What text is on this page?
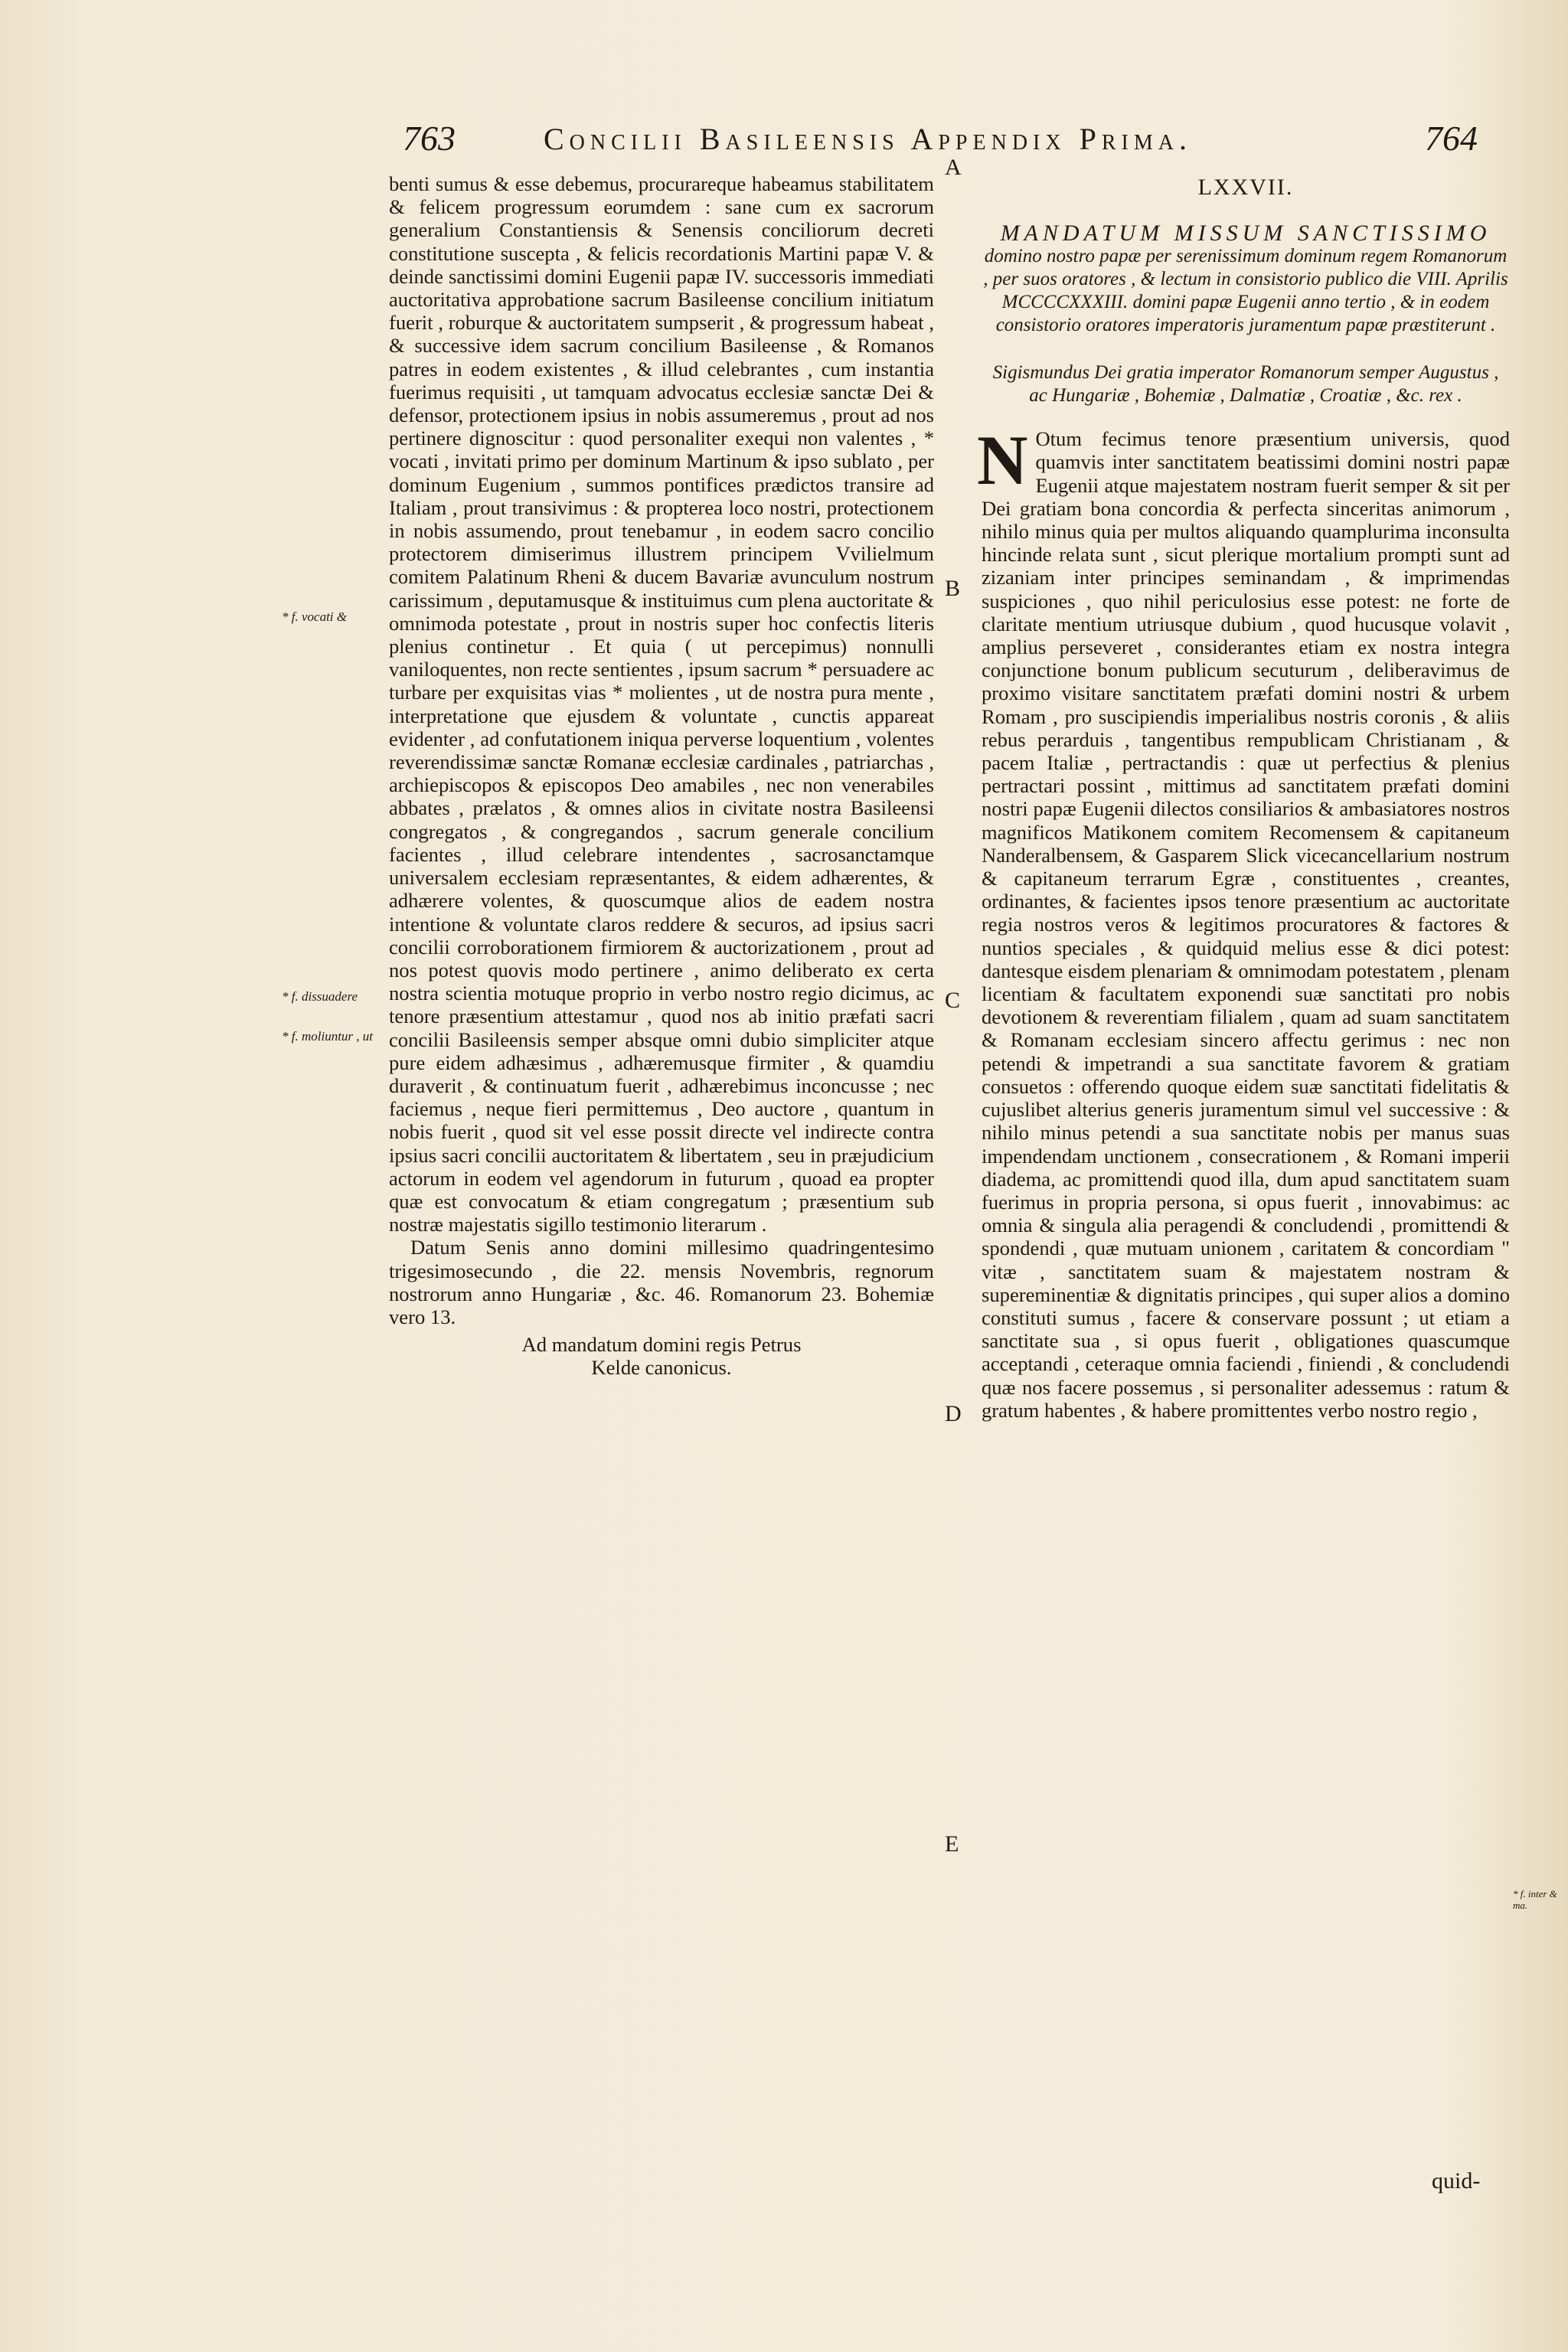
763	Concilii Basileensis Appendix Prima.	764

benti sumus & esse debemus, procurareque habeamus stabilitatem & felicem progressum eorumdem : sane cum ex sacrorum generalium Constantiensis & Senensis conciliorum decreti constitutione suscepta , & felicis recordationis Martini papæ V. & deinde sanctissimi domini Eugenii papæ IV. successoris immediati auctoritativa approbatione sacrum Basileense concilium initiatum fuerit , roburque & auctoritatem sumpserit , & progressum habeat , & successive idem sacrum concilium Basileense , & Romanos patres in eodem existentes , & illud celebrantes , cum instantia fuerimus requisiti , ut tamquam advocatus ecclesiæ sanctæ Dei & defensor, protectionem ipsius in nobis assumeremus , prout ad nos pertinere dignoscitur : quod personaliter exequi non valentes , * vocati , invitati primo per dominum Martinum & ipso sublato , per dominum Eugenium , summos pontifices prædictos transire ad Italiam , prout transivimus : & propterea loco nostri, protectionem in nobis assumendo, prout tenebamur , in eodem sacro concilio protectorem dimiserimus illustrem principem Vvilielmum comitem Palatinum Rheni & ducem Bavariæ avunculum nostrum carissimum , deputamusque & instituimus cum plena auctoritate & omnimoda potestate , prout in nostris super hoc confectis literis plenius continetur . Et quia ( ut percepimus) nonnulli vaniloquentes, non recte sentientes , ipsum sacrum * persuadere ac turbare per exquisitas vias * molientes , ut de nostra pura mente , interpretatione que ejusdem & voluntate , cunctis appareat evidenter , ad confutationem iniqua perverse loquentium , volentes reverendissimæ sanctæ Romanæ ecclesiæ cardinales , patriarchas , archiepiscopos & episcopos Deo amabiles , nec non venerabiles abbates , prælatos , & omnes alios in civitate nostra Basileensi congregatos , & congregandos , sacrum generale concilium facientes , illud celebrare intendentes , sacrosanctamque universalem ecclesiam repræsentantes, & eidem adhærentes, & adhærere volentes, & quoscumque alios de eadem nostra intentione & voluntate claros reddere & securos, ad ipsius sacri concilii corroborationem firmiorem & auctorizationem , prout ad nos potest quovis modo pertinere , animo deliberato ex certa nostra scientia motuque proprio in verbo nostro regio dicimus, ac tenore præsentium attestamur , quod nos ab initio præfati sacri concilii Basileensis semper absque omni dubio simpliciter atque pure eidem adhæsimus , adhæremusque firmiter , & quamdiu duraverit , & continuatum fuerit , adhærebimus inconcusse ; nec faciemus , neque fieri permittemus , Deo auctore , quantum in nobis fuerit , quod sit vel esse possit directe vel indirecte contra ipsius sacri concilii auctoritatem & libertatem , seu in præjudicium actorum in eodem vel agendorum in futurum , quoad ea propter quæ est convocatum & etiam congregatum ; præsentium sub nostræ majestatis sigillo testimonio literarum .

Datum Senis anno domini millesimo quadringentesimo trigesimosecundo , die 22. mensis Novembris, regnorum nostrorum anno Hungariæ , &c. 46. Romanorum 23. Bohemiæ vero 13.

Ad mandatum domini regis Petrus
Kelde canonicus.

LXXVII.
MANDATUM MISSUM SANCTISSIMO
domino nostro papæ per serenissimum dominum regem Romanorum , per suos oratores , & lectum in consistorio publico die VIII. Aprilis MCCCCXXXIII. domini papæ Eugenii anno tertio , & in eodem consistorio oratores imperatoris juramentum papæ præstiterunt .
Sigismundus Dei gratia imperator Romanorum semper Augustus , ac Hungariæ , Bohemiæ , Dalmatiæ , Croatiæ , &c. rex .

N Otum fecimus tenore præsentium universis, quod quamvis inter sanctitatem beatissimi domini nostri papæ Eugenii atque majestatem nostram fuerit semper & sit per Dei gratiam bona concordia & perfecta sinceritas animorum , nihilo minus quia per multos aliquando quamplurima inconsulta hincinde relata sunt , sicut plerique mortalium prompti sunt ad zizaniam inter principes seminandam , & imprimendas suspiciones , quo nihil periculosius esse potest: ne forte de claritate mentium utriusque dubium , quod hucusque volavit , amplius perseveret , considerantes etiam ex nostra integra conjunctione bonum publicum secuturum , deliberavimus de proximo visitare sanctitatem præfati domini nostri & urbem Romam , pro suscipiendis imperialibus nostris coronis , & aliis rebus perarduis , tangentibus rempublicam Christianam , & pacem Italiæ , pertractandis : quæ ut perfectius & plenius pertractari possint , mittimus ad sanctitatem præfati domini nostri papæ Eugenii dilectos consiliarios & ambasiatores nostros magnificos Matikonem comitem Recomensem & capitaneum Nanderalbensem, & Gasparem Slick vicecancellarium nostrum & capitaneum terrarum Egræ , constituentes , creantes, ordinantes, & facientes ipsos tenore præsentium ac auctoritate regia nostros veros & legitimos procuratores & factores & nuntios speciales , & quidquid melius esse & dici potest: dantesque eisdem plenariam & omnimodam potestatem , plenam licentiam & facultatem exponendi suæ sanctitati pro nobis devotionem & reverentiam filialem , quam ad suam sanctitatem & Romanam ecclesiam sincero affectu gerimus : nec non petendi & impetrandi a sua sanctitate favorem & gratiam consuetos : offerendo quoque eidem suæ sanctitati fidelitatis & cujuslibet alterius generis juramentum simul vel successive : & nihilo minus petendi a sua sanctitate nobis per manus suas impendendam unctionem , consecrationem , & Romani imperii diadema, ac promittendi quod illa, dum apud sanctitatem suam fuerimus in propria persona, si opus fuerit , innovabimus: ac omnia & singula alia peragendi & concludendi , promittendi & spondendi , quæ mutuam unionem , caritatem & concordiam " vitæ , sanctitatem suam & majestatem nostram & supereminentiæ & dignitatis principes , qui super alios a domino constituti sumus , facere & conservare possunt ; ut etiam a sanctitate sua , si opus fuerit , obligationes quascumque acceptandi , ceteraque omnia faciendi , finiendi , & concludendi quæ nos facere possemus , si personaliter adessemus : ratum & gratum habentes , & habere promittentes verbo nostro regio ,

quid-
A
B
C
D
E
* f. vocati &
* f. dissuadere
* f. moliuntur , ut
* f. inter & ma.
